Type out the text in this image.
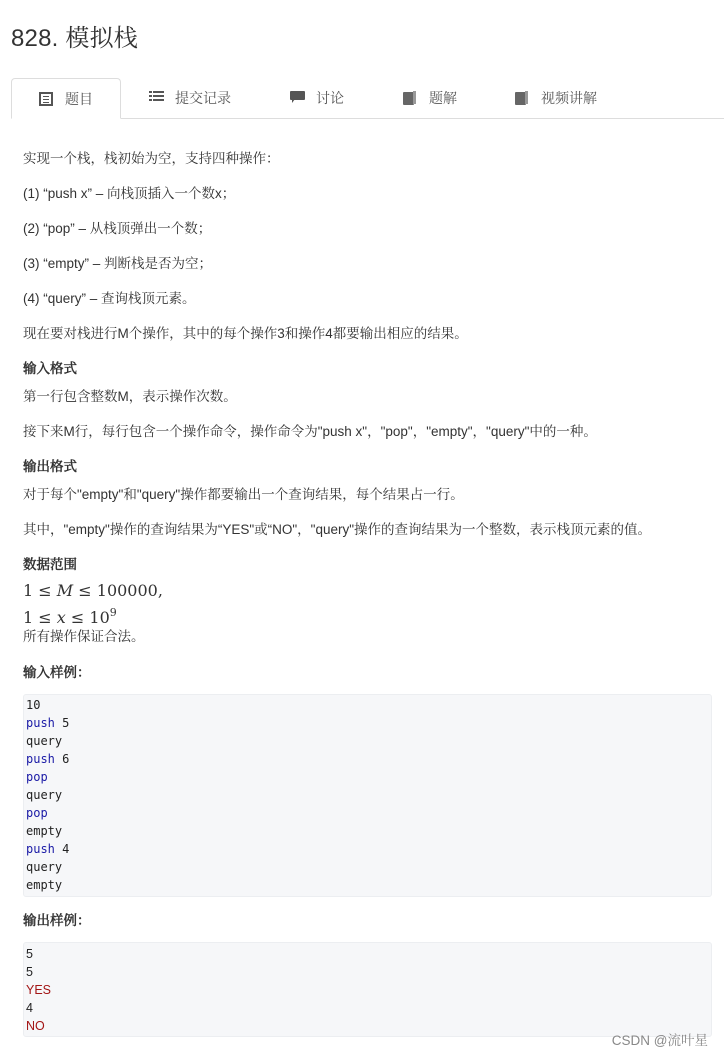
828. 模拟栈
题目	提交记录	讨论	题解	视频讲解

实现一个栈，栈初始为空，支持四种操作：

(1) “push x” – 向栈顶插入一个数x；

(2) “pop” – 从栈顶弹出一个数；

(3) “empty” – 判断栈是否为空；

(4) “query” – 查询栈顶元素。

现在要对栈进行M个操作，其中的每个操作3和操作4都要输出相应的结果。

输入格式

第一行包含整数M，表示操作次数。

接下来M行，每行包含一个操作命令，操作命令为"push x"，"pop"，"empty"，"query"中的一种。

输出格式

对于每个"empty"和"query"操作都要输出一个查询结果，每个结果占一行。

其中，"empty"操作的查询结果为“YES"或“NO"，"query"操作的查询结果为一个整数，表示栈顶元素的值。

数据范围

1 ≤ M ≤ 100000,

$1 \le x \le 10^9$

所有操作保证合法。

输入样例：

输出样例：

10
push 5
query
push 6
pop
query
pop
empty
push 4
query
empty
5
5
YES
4
NO
CSDN @流叶星
